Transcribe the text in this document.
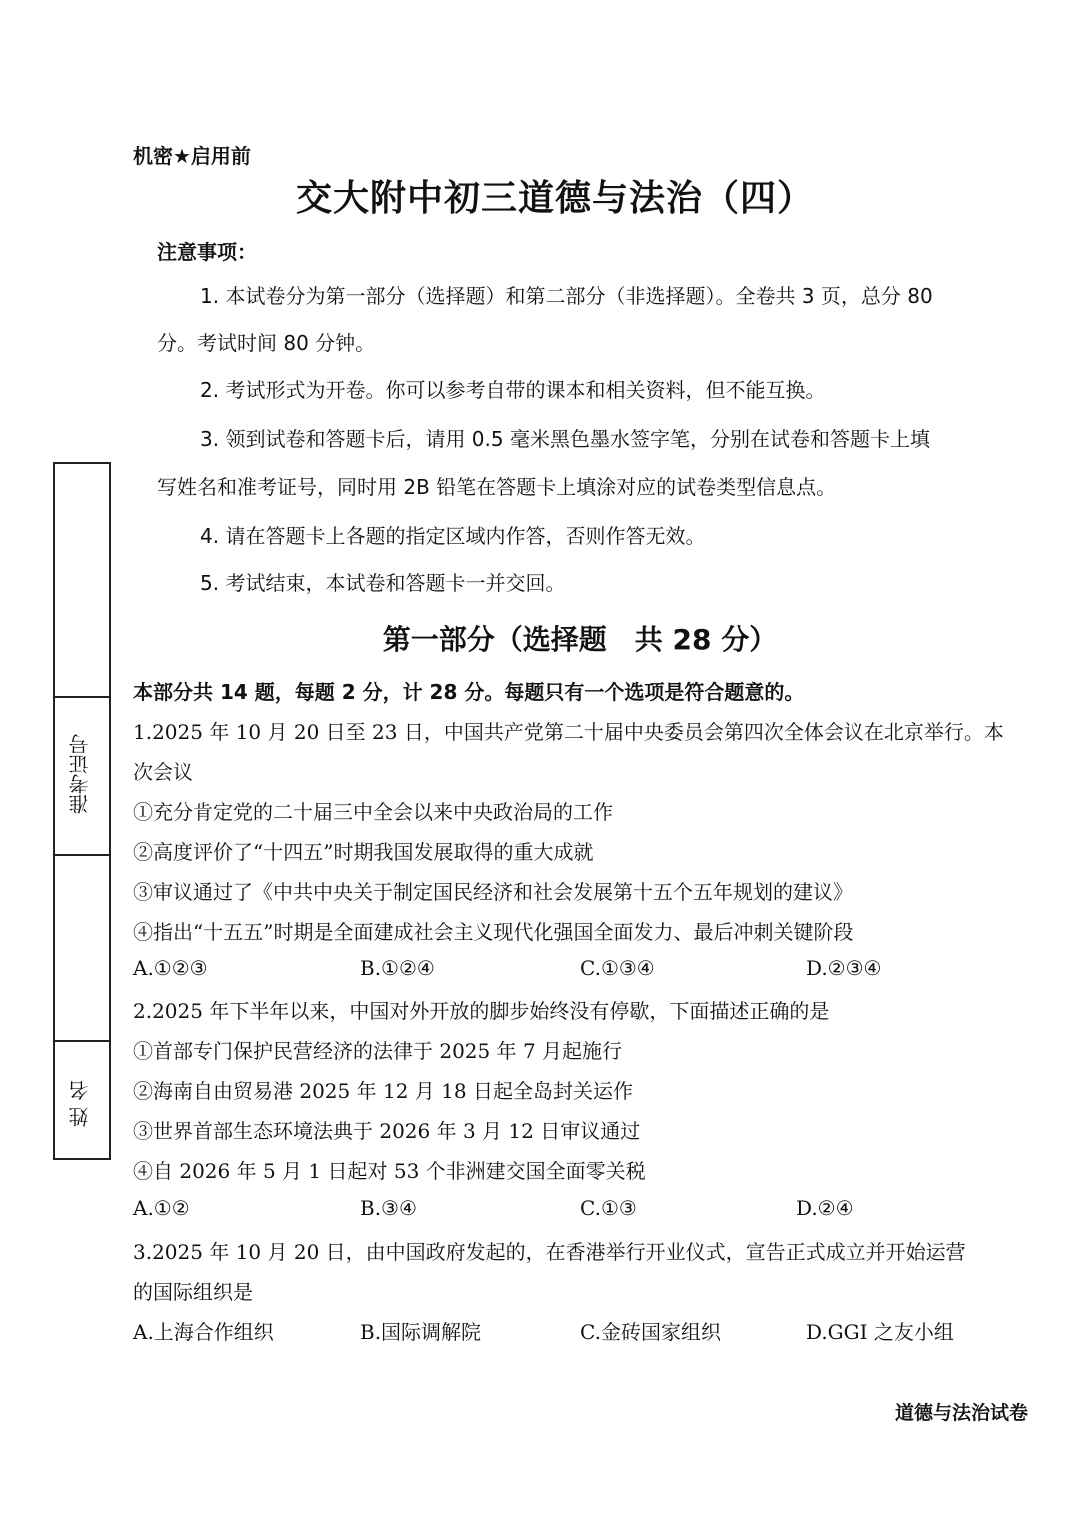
机密★启用前
交大附中初三道德与法治（四）
注意事项：
1. 本试卷分为第一部分（选择题）和第二部分（非选择题）。全卷共 3 页，总分 80
分。考试时间 80 分钟。
2. 考试形式为开卷。你可以参考自带的课本和相关资料，但不能互换。
3. 领到试卷和答题卡后，请用 0.5 毫米黑色墨水签字笔，分别在试卷和答题卡上填
写姓名和准考证号，同时用 2B 铅笔在答题卡上填涂对应的试卷类型信息点。
4. 请在答题卡上各题的指定区域内作答，否则作答无效。
5. 考试结束，本试卷和答题卡一并交回。
第一部分（选择题　共 28 分）
本部分共 14 题，每题 2 分，计 28 分。每题只有一个选项是符合题意的。
1.2025 年 10 月 20 日至 23 日，中国共产党第二十届中央委员会第四次全体会议在北京举行。本
次会议
①充分肯定党的二十届三中全会以来中央政治局的工作
②高度评价了“十四五”时期我国发展取得的重大成就
③审议通过了《中共中央关于制定国民经济和社会发展第十五个五年规划的建议》
④指出“十五五”时期是全面建成社会主义现代化强国全面发力、最后冲刺关键阶段
A.①②③	B.①②④	C.①③④	D.②③④
2.2025 年下半年以来，中国对外开放的脚步始终没有停歇，下面描述正确的是
①首部专门保护民营经济的法律于 2025 年 7 月起施行
②海南自由贸易港 2025 年 12 月 18 日起全岛封关运作
③世界首部生态环境法典于 2026 年 3 月 12 日审议通过
④自 2026 年 5 月 1 日起对 53 个非洲建交国全面零关税
A.①②	B.③④	C.①③	D.②④
3.2025 年 10 月 20 日，由中国政府发起的，在香港举行开业仪式，宣告正式成立并开始运营
的国际组织是
A.上海合作组织	B.国际调解院	C.金砖国家组织	D.GGI 之友小组
准考证号
姓 名
道德与法治试卷
